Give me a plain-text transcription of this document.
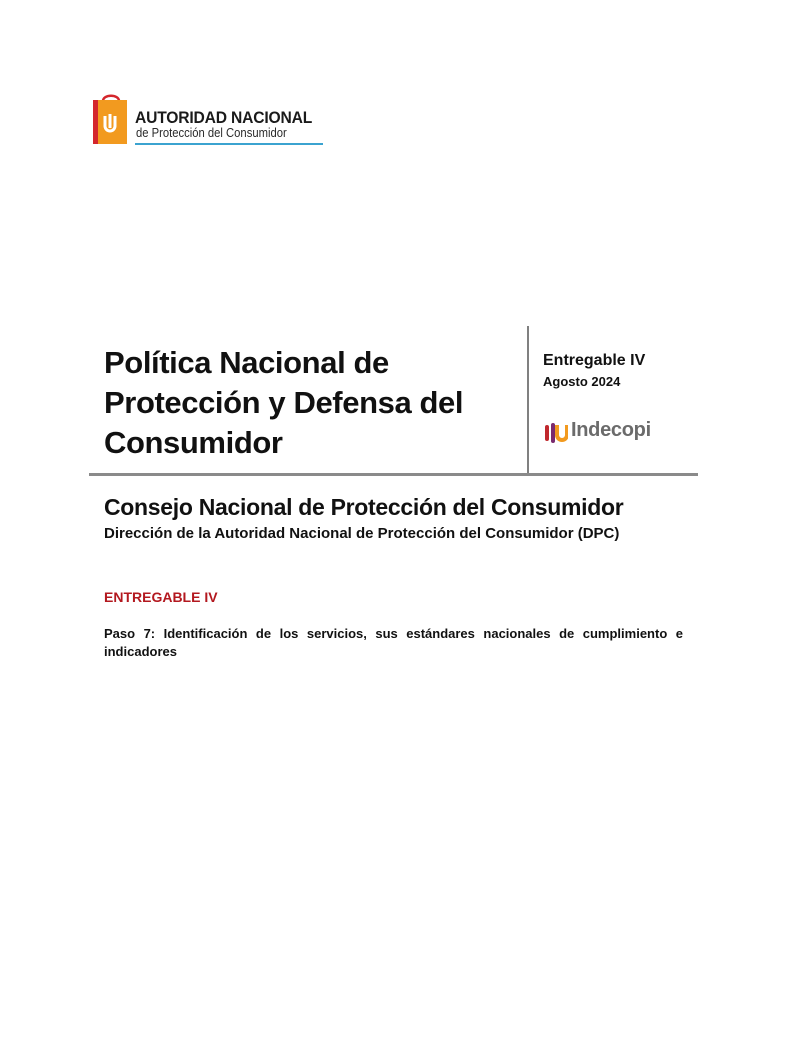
AUTORIDAD NACIONAL
de Protección del Consumidor
Política Nacional de Protección y Defensa del Consumidor
Entregable IV
Agosto 2024
Indecopi
Consejo Nacional de Protección del Consumidor
Dirección de la Autoridad Nacional de Protección del Consumidor (DPC)
ENTREGABLE IV
Paso 7: Identificación de los servicios, sus estándares nacionales de cumplimiento e indicadores
